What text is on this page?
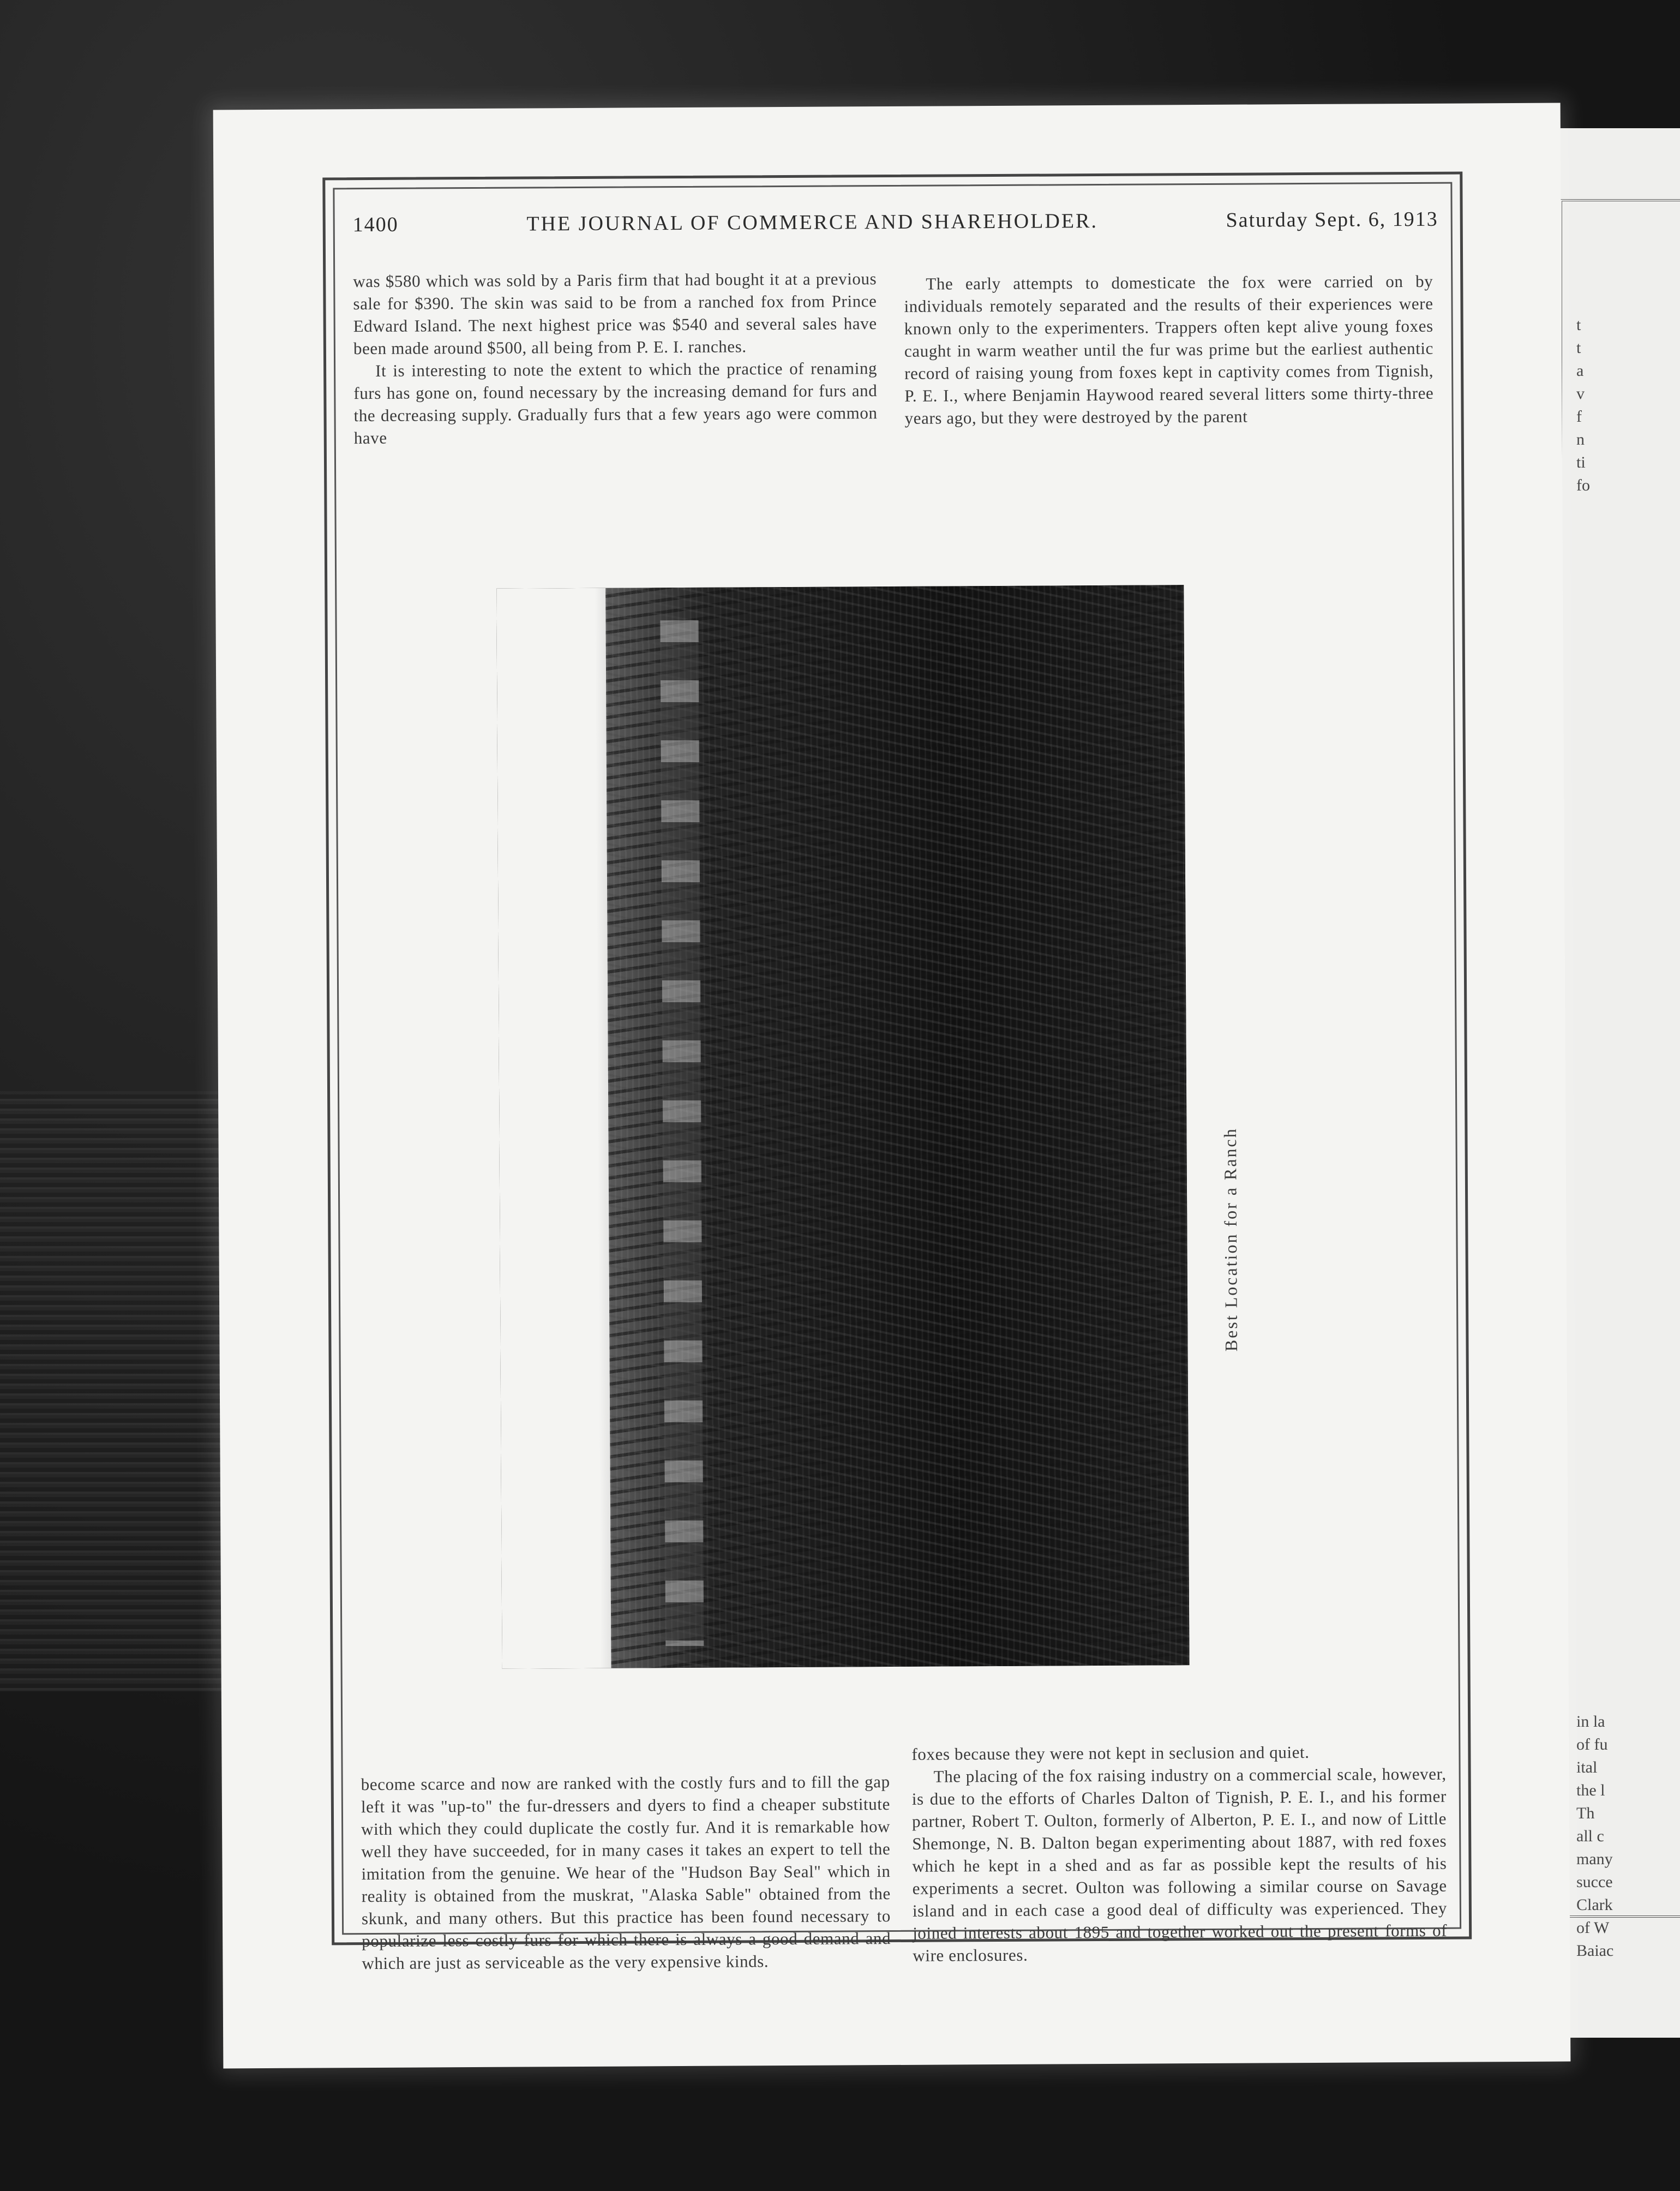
t
t
a
v
f
n
ti
fo
in la
of fu
ital
the l
Th
all c
many
succe
Clark
of W
Baiac
1400	THE JOURNAL OF COMMERCE AND SHAREHOLDER.	Saturday Sept. 6, 1913

was $580 which was sold by a Paris firm that had bought it at a previous sale for $390. The skin was said to be from a ranched fox from Prince Edward Island. The next highest price was $540 and several sales have been made around $500, all being from P. E. I. ranches.

It is interesting to note the extent to which the practice of renaming furs has gone on, found necessary by the increasing demand for furs and the decreasing supply. Gradually furs that a few years ago were common have

The early attempts to domesticate the fox were carried on by individuals remotely separated and the results of their experiences were known only to the experimenters. Trappers often kept alive young foxes caught in warm weather until the fur was prime but the earliest authentic record of raising young from foxes kept in captivity comes from Tignish, P. E. I., where Benjamin Haywood reared several litters some thirty-three years ago, but they were destroyed by the parent

Best Location for a Ranch

become scarce and now are ranked with the costly furs and to fill the gap left it was "up-to" the fur-dressers and dyers to find a cheaper substitute with which they could duplicate the costly fur. And it is remarkable how well they have succeeded, for in many cases it takes an expert to tell the imitation from the genuine. We hear of the "Hudson Bay Seal" which in reality is obtained from the muskrat, "Alaska Sable" obtained from the skunk, and many others. But this practice has been found necessary to popularize less costly furs for which there is always a good demand and which are just as serviceable as the very expensive kinds.

foxes because they were not kept in seclusion and quiet.

The placing of the fox raising industry on a commercial scale, however, is due to the efforts of Charles Dalton of Tignish, P. E. I., and his former partner, Robert T. Oulton, formerly of Alberton, P. E. I., and now of Little Shemonge, N. B. Dalton began experimenting about 1887, with red foxes which he kept in a shed and as far as possible kept the results of his experiments a secret. Oulton was following a similar course on Savage island and in each case a good deal of difficulty was experienced. They joined interests about 1895 and together worked out the present forms of wire enclosures.
